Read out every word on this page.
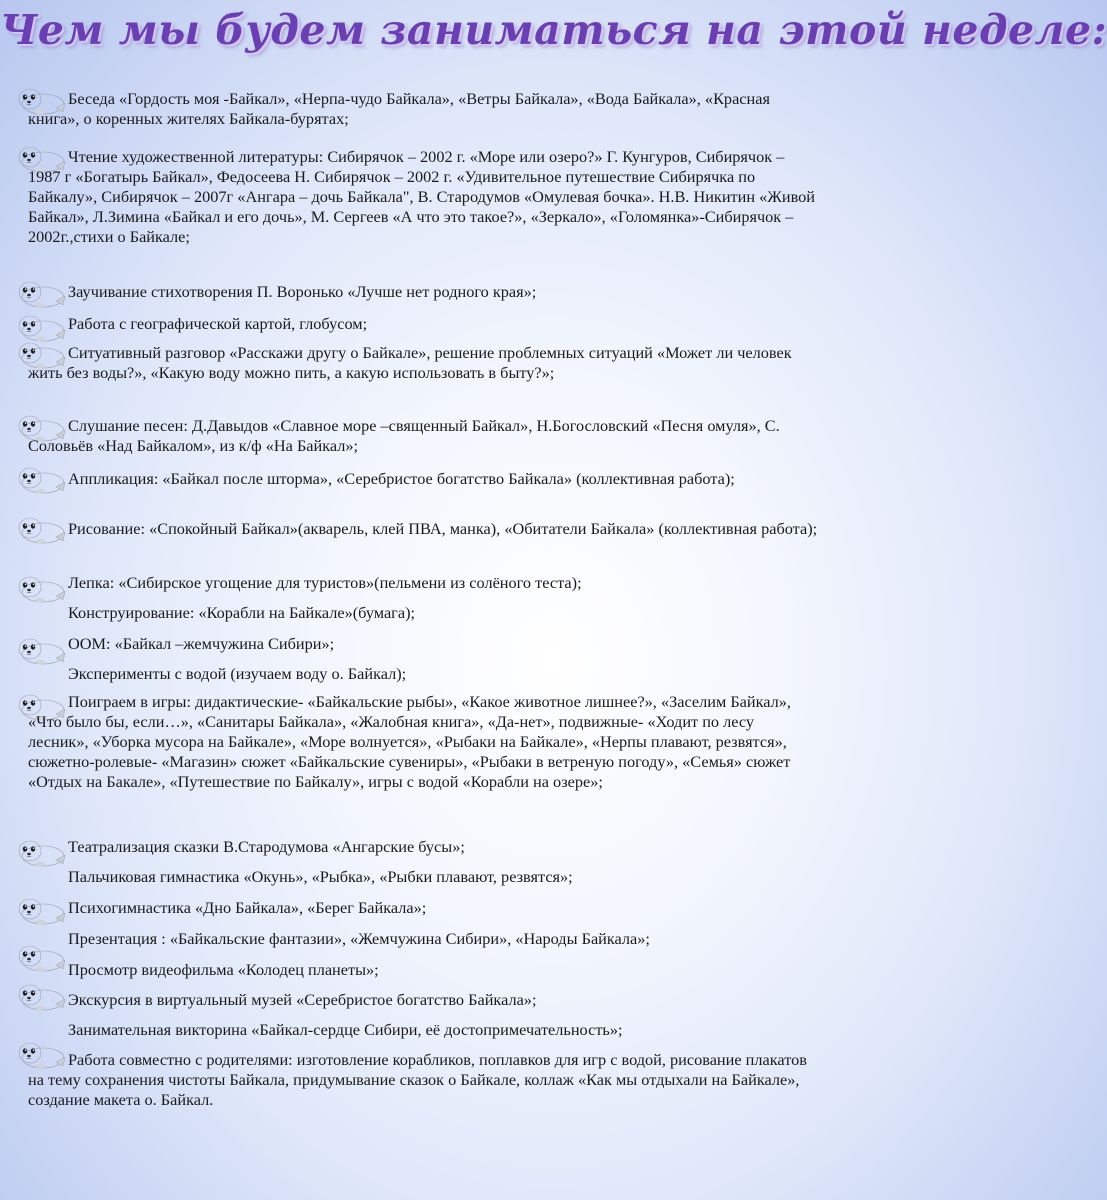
Чем мы будем заниматься на этой неделе:
Беседа «Гордость моя -Байкал», «Нерпа-чудо Байкала», «Ветры Байкала», «Вода Байкала», «Красная книга», о коренных жителях Байкала-бурятах;
Чтение художественной литературы: Сибирячок – 2002 г. «Море или озеро?» Г. Кунгуров, Сибирячок – 1987 г «Богатырь Байкал», Федосеева Н. Сибирячок – 2002 г. «Удивительное путешествие Сибирячка по Байкалу», Сибирячок – 2007г «Ангара – дочь Байкала", В. Стародумов «Омулевая бочка». Н.В. Никитин «Живой Байкал», Л.Зимина «Байкал и его дочь», М. Сергеев «А что это такое?», «Зеркало», «Голомянка»-Сибирячок – 2002г.,стихи о Байкале;
Заучивание стихотворения П. Воронько «Лучше нет родного края»;
Работа с географической картой, глобусом;
Ситуативный разговор «Расскажи другу о Байкале», решение проблемных ситуаций «Может ли человек жить без воды?», «Какую воду можно пить, а какую использовать в быту?»;
Слушание песен: Д.Давыдов «Славное море –священный Байкал», Н.Богословский «Песня омуля», С. Соловьёв «Над Байкалом», из к/ф «На Байкал»;
Аппликация: «Байкал после шторма», «Серебристое богатство Байкала» (коллективная работа);
Рисование: «Спокойный Байкал»(акварель, клей ПВА, манка), «Обитатели Байкала» (коллективная работа);
Лепка: «Сибирское угощение для туристов»(пельмени из солёного теста);
Конструирование: «Корабли на Байкале»(бумага);
ООМ: «Байкал –жемчужина Сибири»;
Эксперименты с водой (изучаем воду о. Байкал);
Поиграем в игры: дидактические- «Байкальские рыбы», «Какое животное лишнее?», «Заселим Байкал», «Что было бы, если…», «Санитары Байкала», «Жалобная книга», «Да-нет», подвижные- «Ходит по лесу лесник», «Уборка мусора на Байкале», «Море волнуется», «Рыбаки на Байкале», «Нерпы плавают, резвятся», сюжетно-ролевые- «Магазин» сюжет «Байкальские сувениры», «Рыбаки в ветреную погоду», «Семья» сюжет «Отдых на Бакале», «Путешествие по Байкалу», игры с водой «Корабли на озере»;
Театрализация сказки В.Стародумова «Ангарские бусы»;
Пальчиковая гимнастика «Окунь», «Рыбка», «Рыбки плавают, резвятся»;
Психогимнастика «Дно Байкала», «Берег Байкала»;
Презентация : «Байкальские фантазии», «Жемчужина Сибири», «Народы Байкала»;
Просмотр видеофильма «Колодец планеты»;
Экскурсия в виртуальный музей «Серебристое богатство Байкала»;
Занимательная викторина «Байкал-сердце Сибири, её достопримечательность»;
Работа совместно с родителями: изготовление корабликов, поплавков для игр с водой, рисование плакатов на тему сохранения чистоты Байкала, придумывание сказок о Байкале, коллаж «Как мы отдыхали на Байкале», создание макета о. Байкал.
